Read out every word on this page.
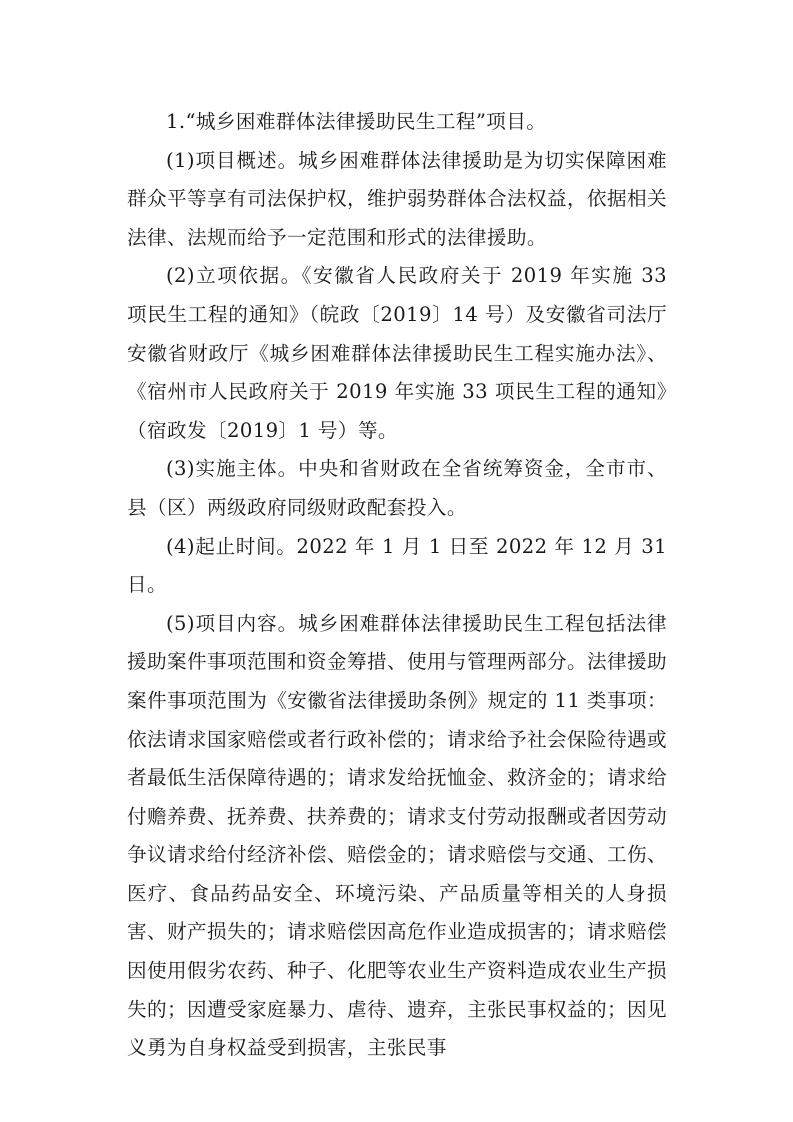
1.“城乡困难群体法律援助民生工程”项目。

(1)项目概述。城乡困难群体法律援助是为切实保障困难群众平等享有司法保护权，维护弱势群体合法权益，依据相关法律、法规而给予一定范围和形式的法律援助。

(2)立项依据。《安徽省人民政府关于 2019 年实施 33 项民生工程的通知》（皖政〔2019〕14 号）及安徽省司法厅安徽省财政厅《城乡困难群体法律援助民生工程实施办法》、《宿州市人民政府关于 2019 年实施 33 项民生工程的通知》（宿政发〔2019〕1 号）等。

(3)实施主体。中央和省财政在全省统筹资金，全市市、县（区）两级政府同级财政配套投入。

(4)起止时间。2022 年 1 月 1 日至 2022 年 12 月 31 日。

(5)项目内容。城乡困难群体法律援助民生工程包括法律援助案件事项范围和资金筹措、使用与管理两部分。法律援助案件事项范围为《安徽省法律援助条例》规定的 11 类事项：依法请求国家赔偿或者行政补偿的；请求给予社会保险待遇或者最低生活保障待遇的；请求发给抚恤金、救济金的；请求给付赡养费、抚养费、扶养费的；请求支付劳动报酬或者因劳动争议请求给付经济补偿、赔偿金的；请求赔偿与交通、工伤、医疗、食品药品安全、环境污染、产品质量等相关的人身损害、财产损失的；请求赔偿因高危作业造成损害的；请求赔偿因使用假劣农药、种子、化肥等农业生产资料造成农业生产损失的；因遭受家庭暴力、虐待、遗弃，主张民事权益的；因见义勇为自身权益受到损害，主张民事
